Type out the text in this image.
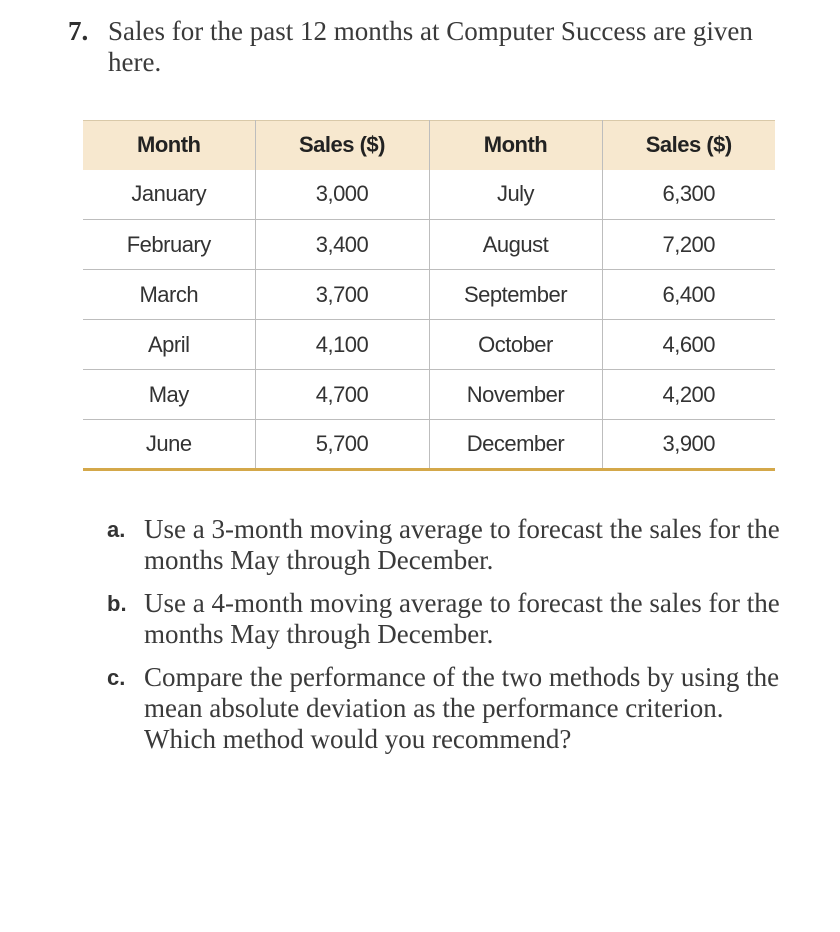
7. Sales for the past 12 months at Computer Success are given here.
Month	Sales ($)	Month	Sales ($)
January	3,000	July	6,300
February	3,400	August	7,200
March	3,700	September	6,400
April	4,100	October	4,600
May	4,700	November	4,200
June	5,700	December	3,900
a. Use a 3-month moving average to forecast the sales for the months May through December.
b. Use a 4-month moving average to forecast the sales for the months May through December.
c. Compare the performance of the two methods by using the mean absolute deviation as the performance criterion. Which method would you recommend?
